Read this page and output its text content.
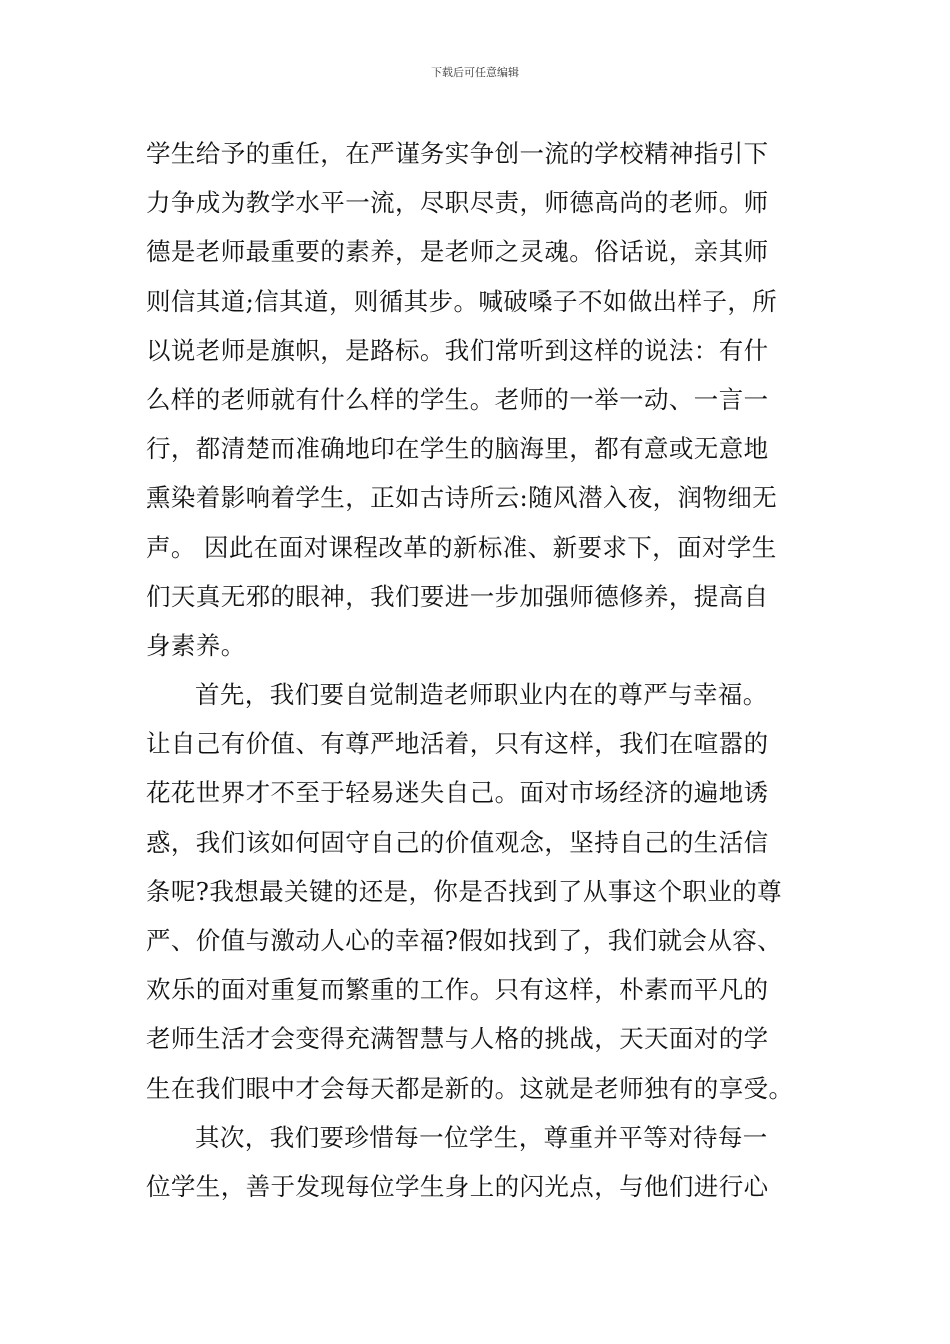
下载后可任意编辑
学生给予的重任，在严谨务实争创一流的学校精神指引下
力争成为教学水平一流，尽职尽责，师德高尚的老师。师
德是老师最重要的素养，是老师之灵魂。俗话说，亲其师
则信其道;信其道，则循其步。喊破嗓子不如做出样子，所
以说老师是旗帜，是路标。我们常听到这样的说法：有什
么样的老师就有什么样的学生。老师的一举一动、一言一
行，都清楚而准确地印在学生的脑海里，都有意或无意地
熏染着影响着学生，正如古诗所云:随风潜入夜，润物细无
声。 因此在面对课程改革的新标准、新要求下，面对学生
们天真无邪的眼神，我们要进一步加强师德修养，提高自
身素养。
首先，我们要自觉制造老师职业内在的尊严与幸福。
让自己有价值、有尊严地活着，只有这样，我们在喧嚣的
花花世界才不至于轻易迷失自己。面对市场经济的遍地诱
惑，我们该如何固守自己的价值观念，坚持自己的生活信
条呢?我想最关键的还是，你是否找到了从事这个职业的尊
严、价值与激动人心的幸福?假如找到了，我们就会从容、
欢乐的面对重复而繁重的工作。只有这样，朴素而平凡的
老师生活才会变得充满智慧与人格的挑战，天天面对的学
生在我们眼中才会每天都是新的。这就是老师独有的享受。
其次，我们要珍惜每一位学生，尊重并平等对待每一
位学生，善于发现每位学生身上的闪光点，与他们进行心
